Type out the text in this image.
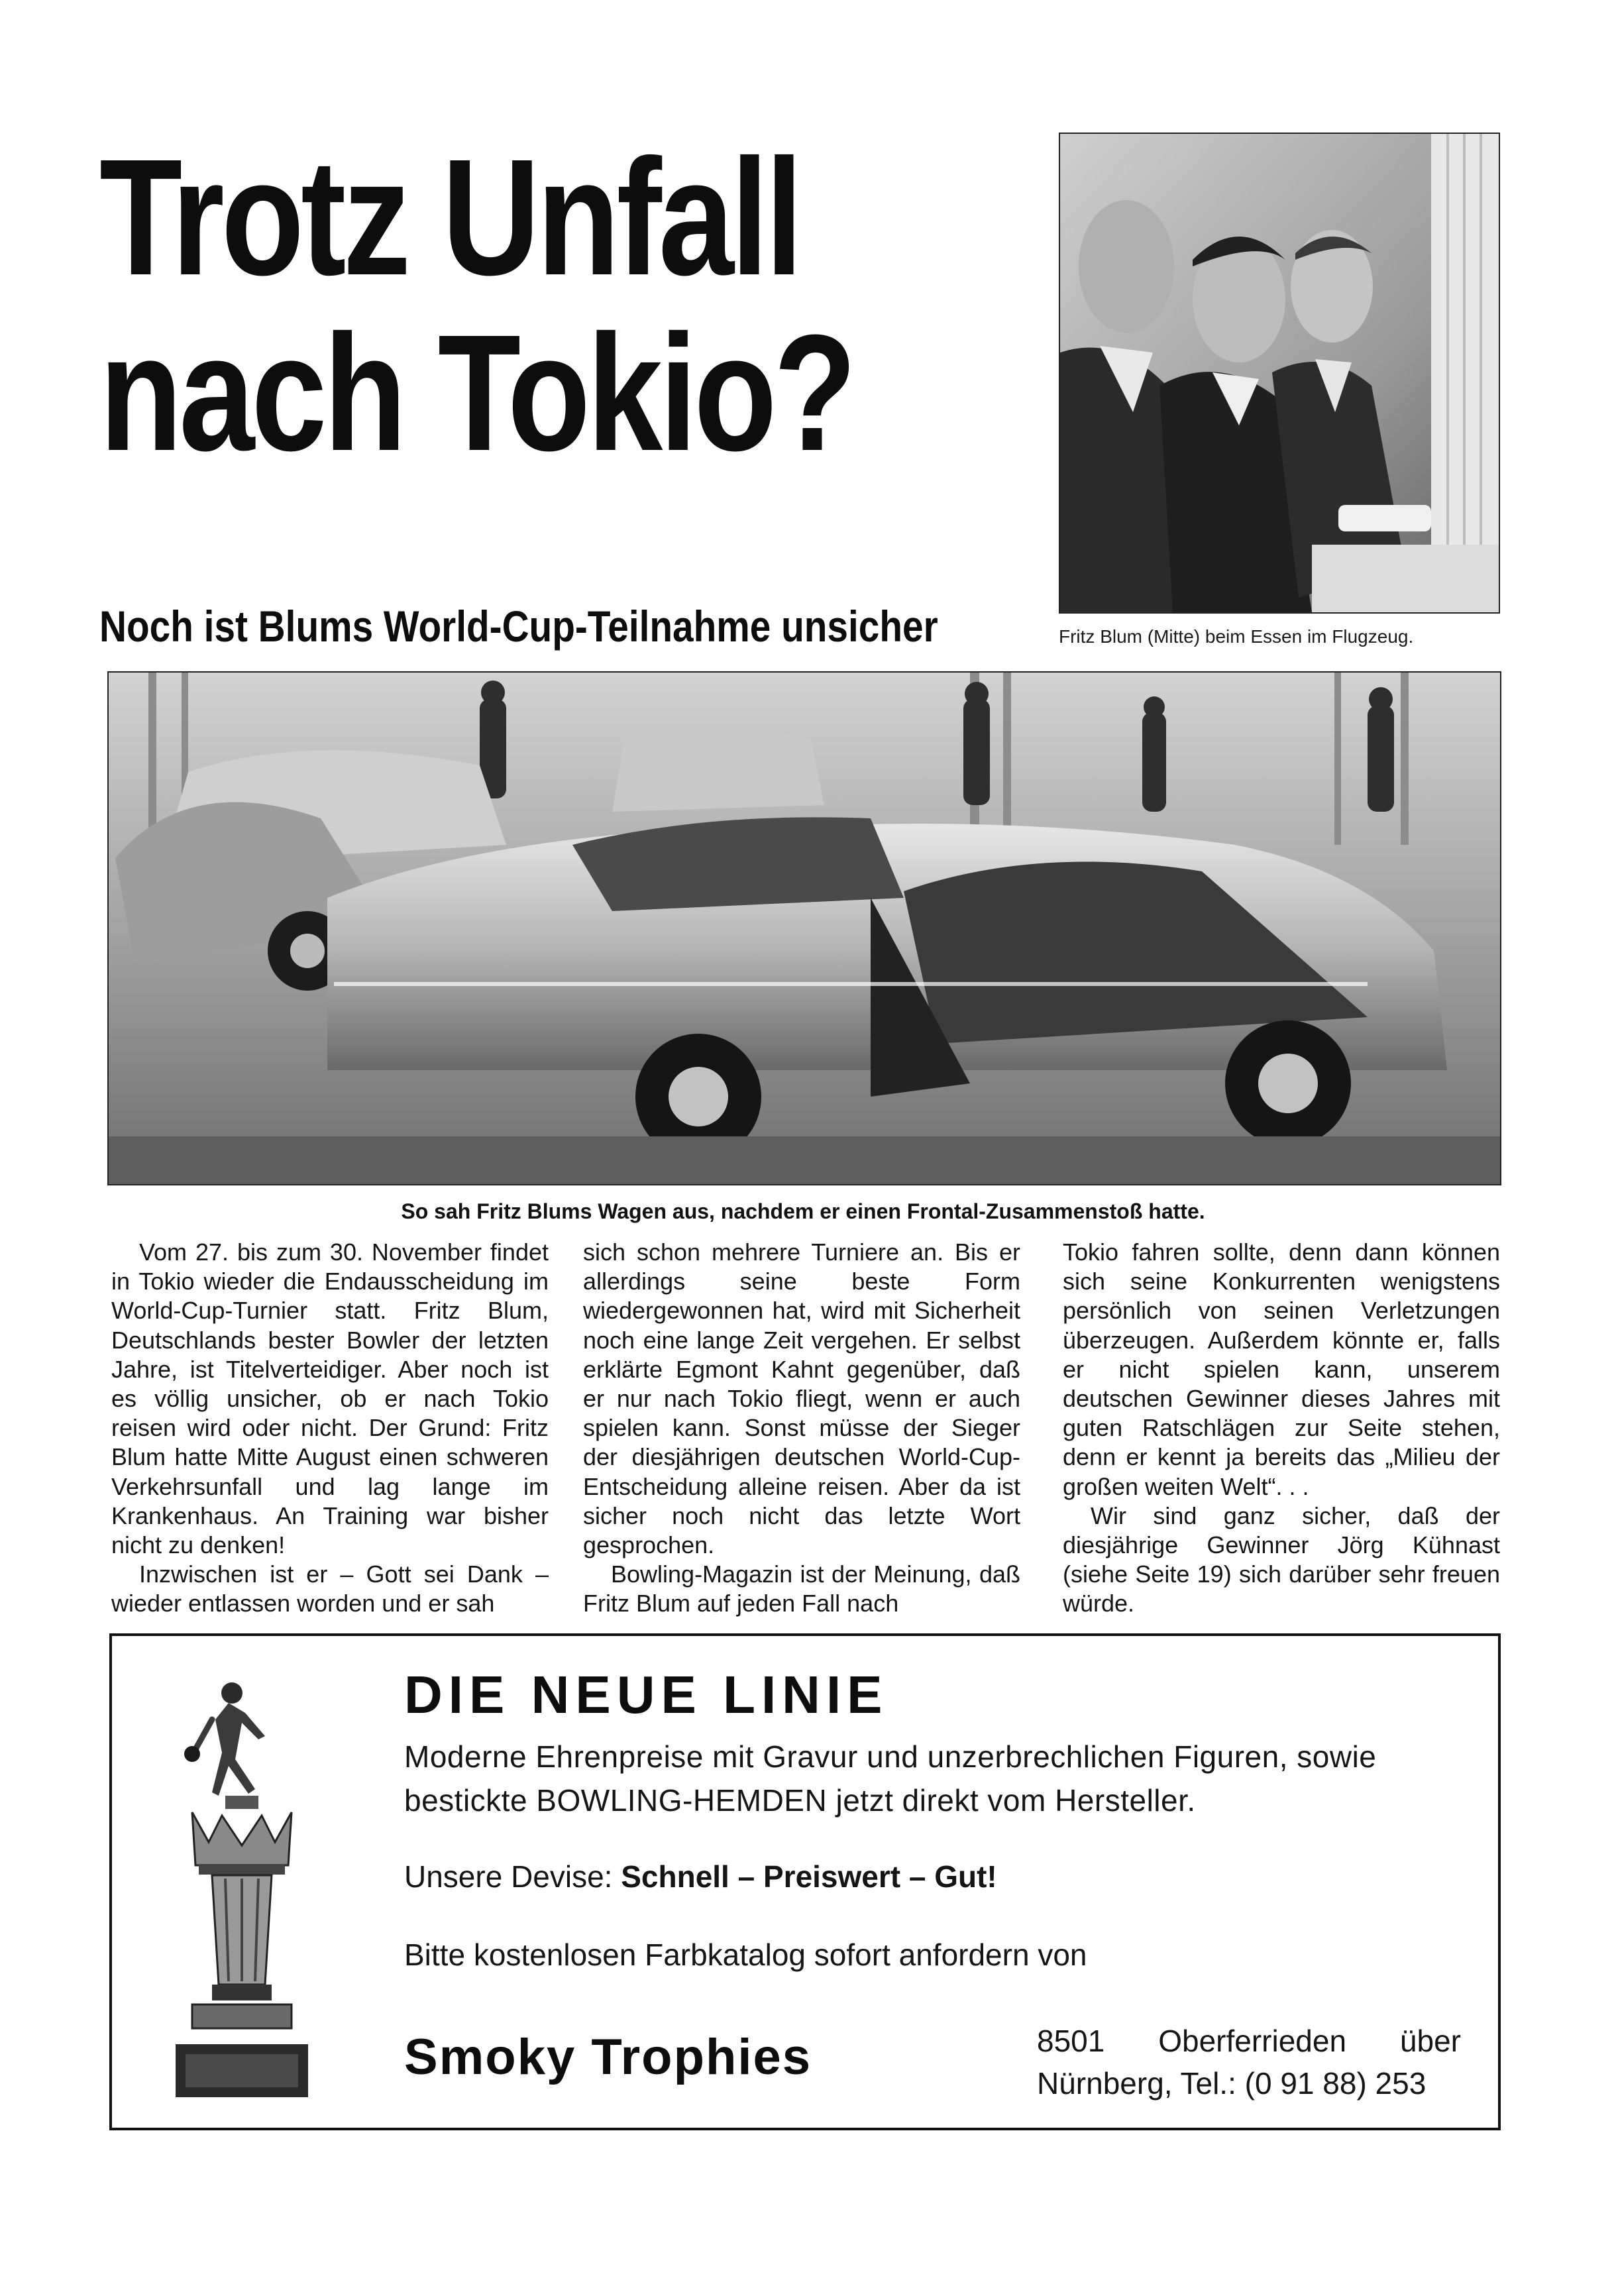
Trotz Unfall
nach Tokio?
Noch ist Blums World-Cup-Teilnahme unsicher	Fritz Blum (Mitte) beim Essen im Flugzeug.
So sah Fritz Blums Wagen aus, nachdem er einen Frontal-Zusammenstoß hatte.

Vom 27. bis zum 30. November findet in Tokio wieder die Endausscheidung im World-Cup-Turnier statt. Fritz Blum, Deutschlands bester Bowler der letzten Jahre, ist Titelverteidiger. Aber noch ist es völlig unsicher, ob er nach Tokio reisen wird oder nicht. Der Grund: Fritz Blum hatte Mitte August einen schweren Verkehrsunfall und lag lange im Krankenhaus. An Training war bisher nicht zu denken!

Inzwischen ist er – Gott sei Dank – wieder entlassen worden und er sah

sich schon mehrere Turniere an. Bis er allerdings seine beste Form wiedergewonnen hat, wird mit Sicherheit noch eine lange Zeit vergehen. Er selbst erklärte Egmont Kahnt gegenüber, daß er nur nach Tokio fliegt, wenn er auch spielen kann. Sonst müsse der Sieger der diesjährigen deutschen World-Cup-Entscheidung alleine reisen. Aber da ist sicher noch nicht das letzte Wort gesprochen.

Bowling-Magazin ist der Meinung, daß Fritz Blum auf jeden Fall nach

Tokio fahren sollte, denn dann können sich seine Konkurrenten wenigstens persönlich von seinen Verletzungen überzeugen. Außerdem könnte er, falls er nicht spielen kann, unserem deutschen Gewinner dieses Jahres mit guten Ratschlägen zur Seite stehen, denn er kennt ja bereits das „Milieu der großen weiten Welt“. . .

Wir sind ganz sicher, daß der diesjährige Gewinner Jörg Kühnast (siehe Seite 19) sich darüber sehr freuen würde.

DIE NEUE LINIE
Moderne Ehrenpreise mit Gravur und unzerbrechlichen Figuren, sowie bestickte BOWLING-HEMDEN jetzt direkt vom Hersteller.
Unsere Devise: Schnell – Preiswert – Gut!
Bitte kostenlosen Farbkatalog sofort anfordern von
Smoky Trophies	8501 Oberferrieden über
Nürnberg, Tel.: (0 91 88) 253
